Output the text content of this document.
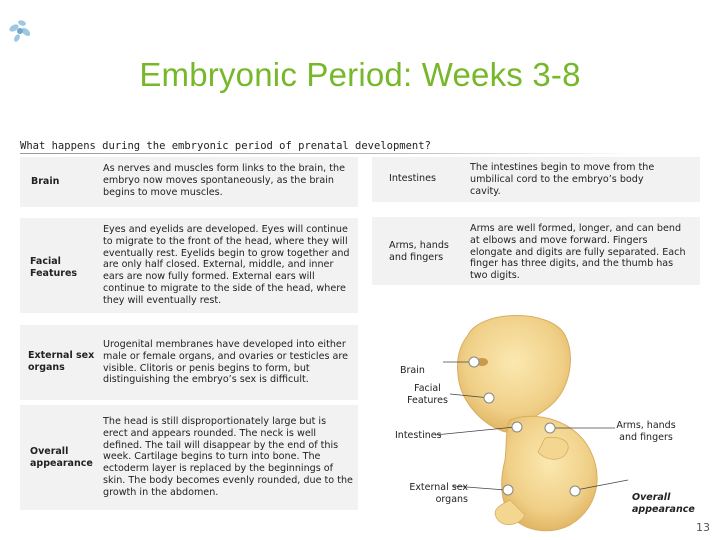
Embryonic Period: Weeks 3-8
What happens during the embryonic period of prenatal development?
Brain
As nerves and muscles form links to the brain, the embryo now moves spontaneously, as the brain begins to move muscles.
Facial Features
Eyes and eyelids are developed. Eyes will continue to migrate to the front of the head, where they will eventually rest. Eyelids begin to grow together and are only half closed. External, middle, and inner ears are now fully formed. External ears will continue to migrate to the side of the head, where they will eventually rest.
External sex organs
Urogenital membranes have developed into either male or female organs, and ovaries or testicles are visible. Clitoris or penis begins to form, but distinguishing the embryo’s sex is difficult.
Overall appearance
The head is still disproportionately large but is erect and appears rounded. The neck is well defined. The tail will disappear by the end of this week. Cartilage begins to turn into bone. The ectoderm layer is replaced by the beginnings of skin. The body becomes evenly rounded, due to the growth in the abdomen.
Intestines
The intestines begin to move from the umbilical cord to the embryo’s body cavity.
Arms, hands and fingers
Arms are well formed, longer, and can bend at elbows and move forward. Fingers elongate and digits are fully separated. Each finger has three digits, and the thumb has two digits.
Brain
Facial Features
Intestines
External sex organs
Arms, hands and fingers
Overall appearance
13
